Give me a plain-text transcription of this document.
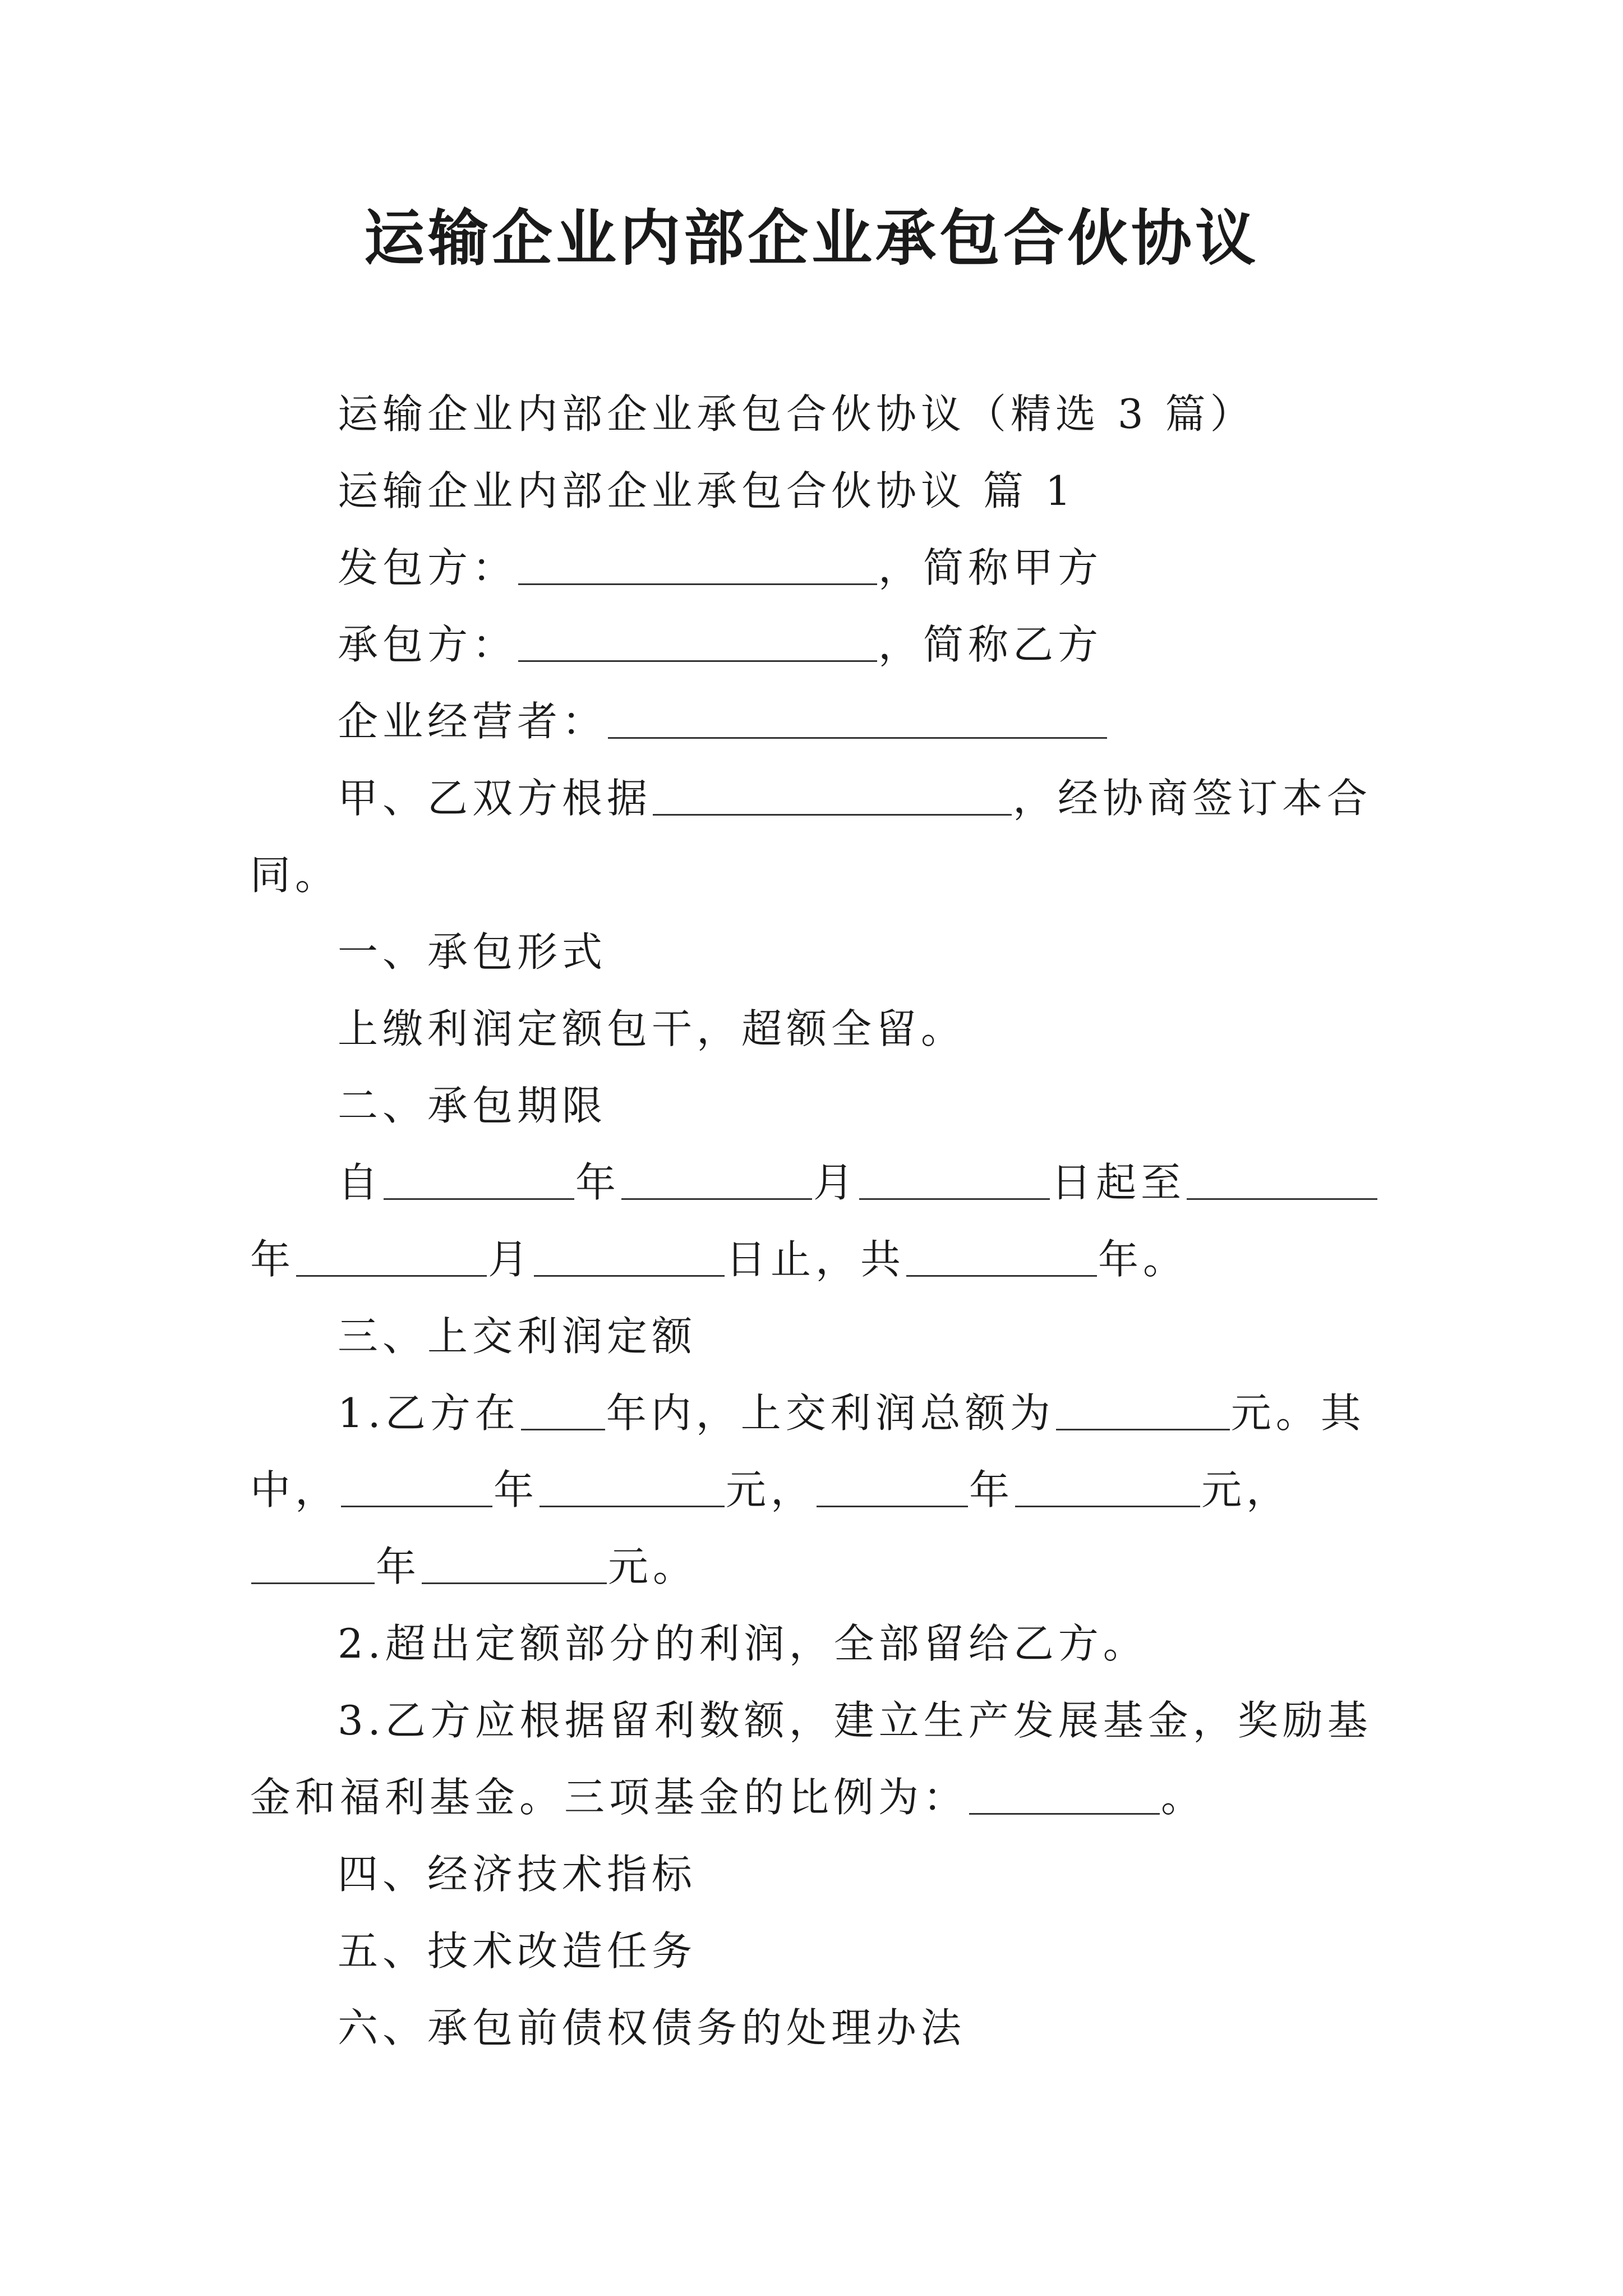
运输企业内部企业承包合伙协议

运输企业内部企业承包合伙协议（精选 3 篇）

运输企业内部企业承包合伙协议 篇 1

发包方：	，简称甲方

承包方：	，简称乙方

企业经营者：

甲、乙双方根据	，经协商签订本合同。

一、承包形式

上缴利润定额包干，超额全留。

二、承包期限

自	年	月	日起至年	月	日止，共	年。

三、上交利润定额

1.乙方在 年内，上交利润总额为	元。其中，	年	元，	年	元，年	元。

2.超出定额部分的利润，全部留给乙方。

3.乙方应根据留利数额，建立生产发展基金，奖励基金和福利基金。三项基金的比例为：	。

四、经济技术指标

五、技术改造任务

六、承包前债权债务的处理办法
